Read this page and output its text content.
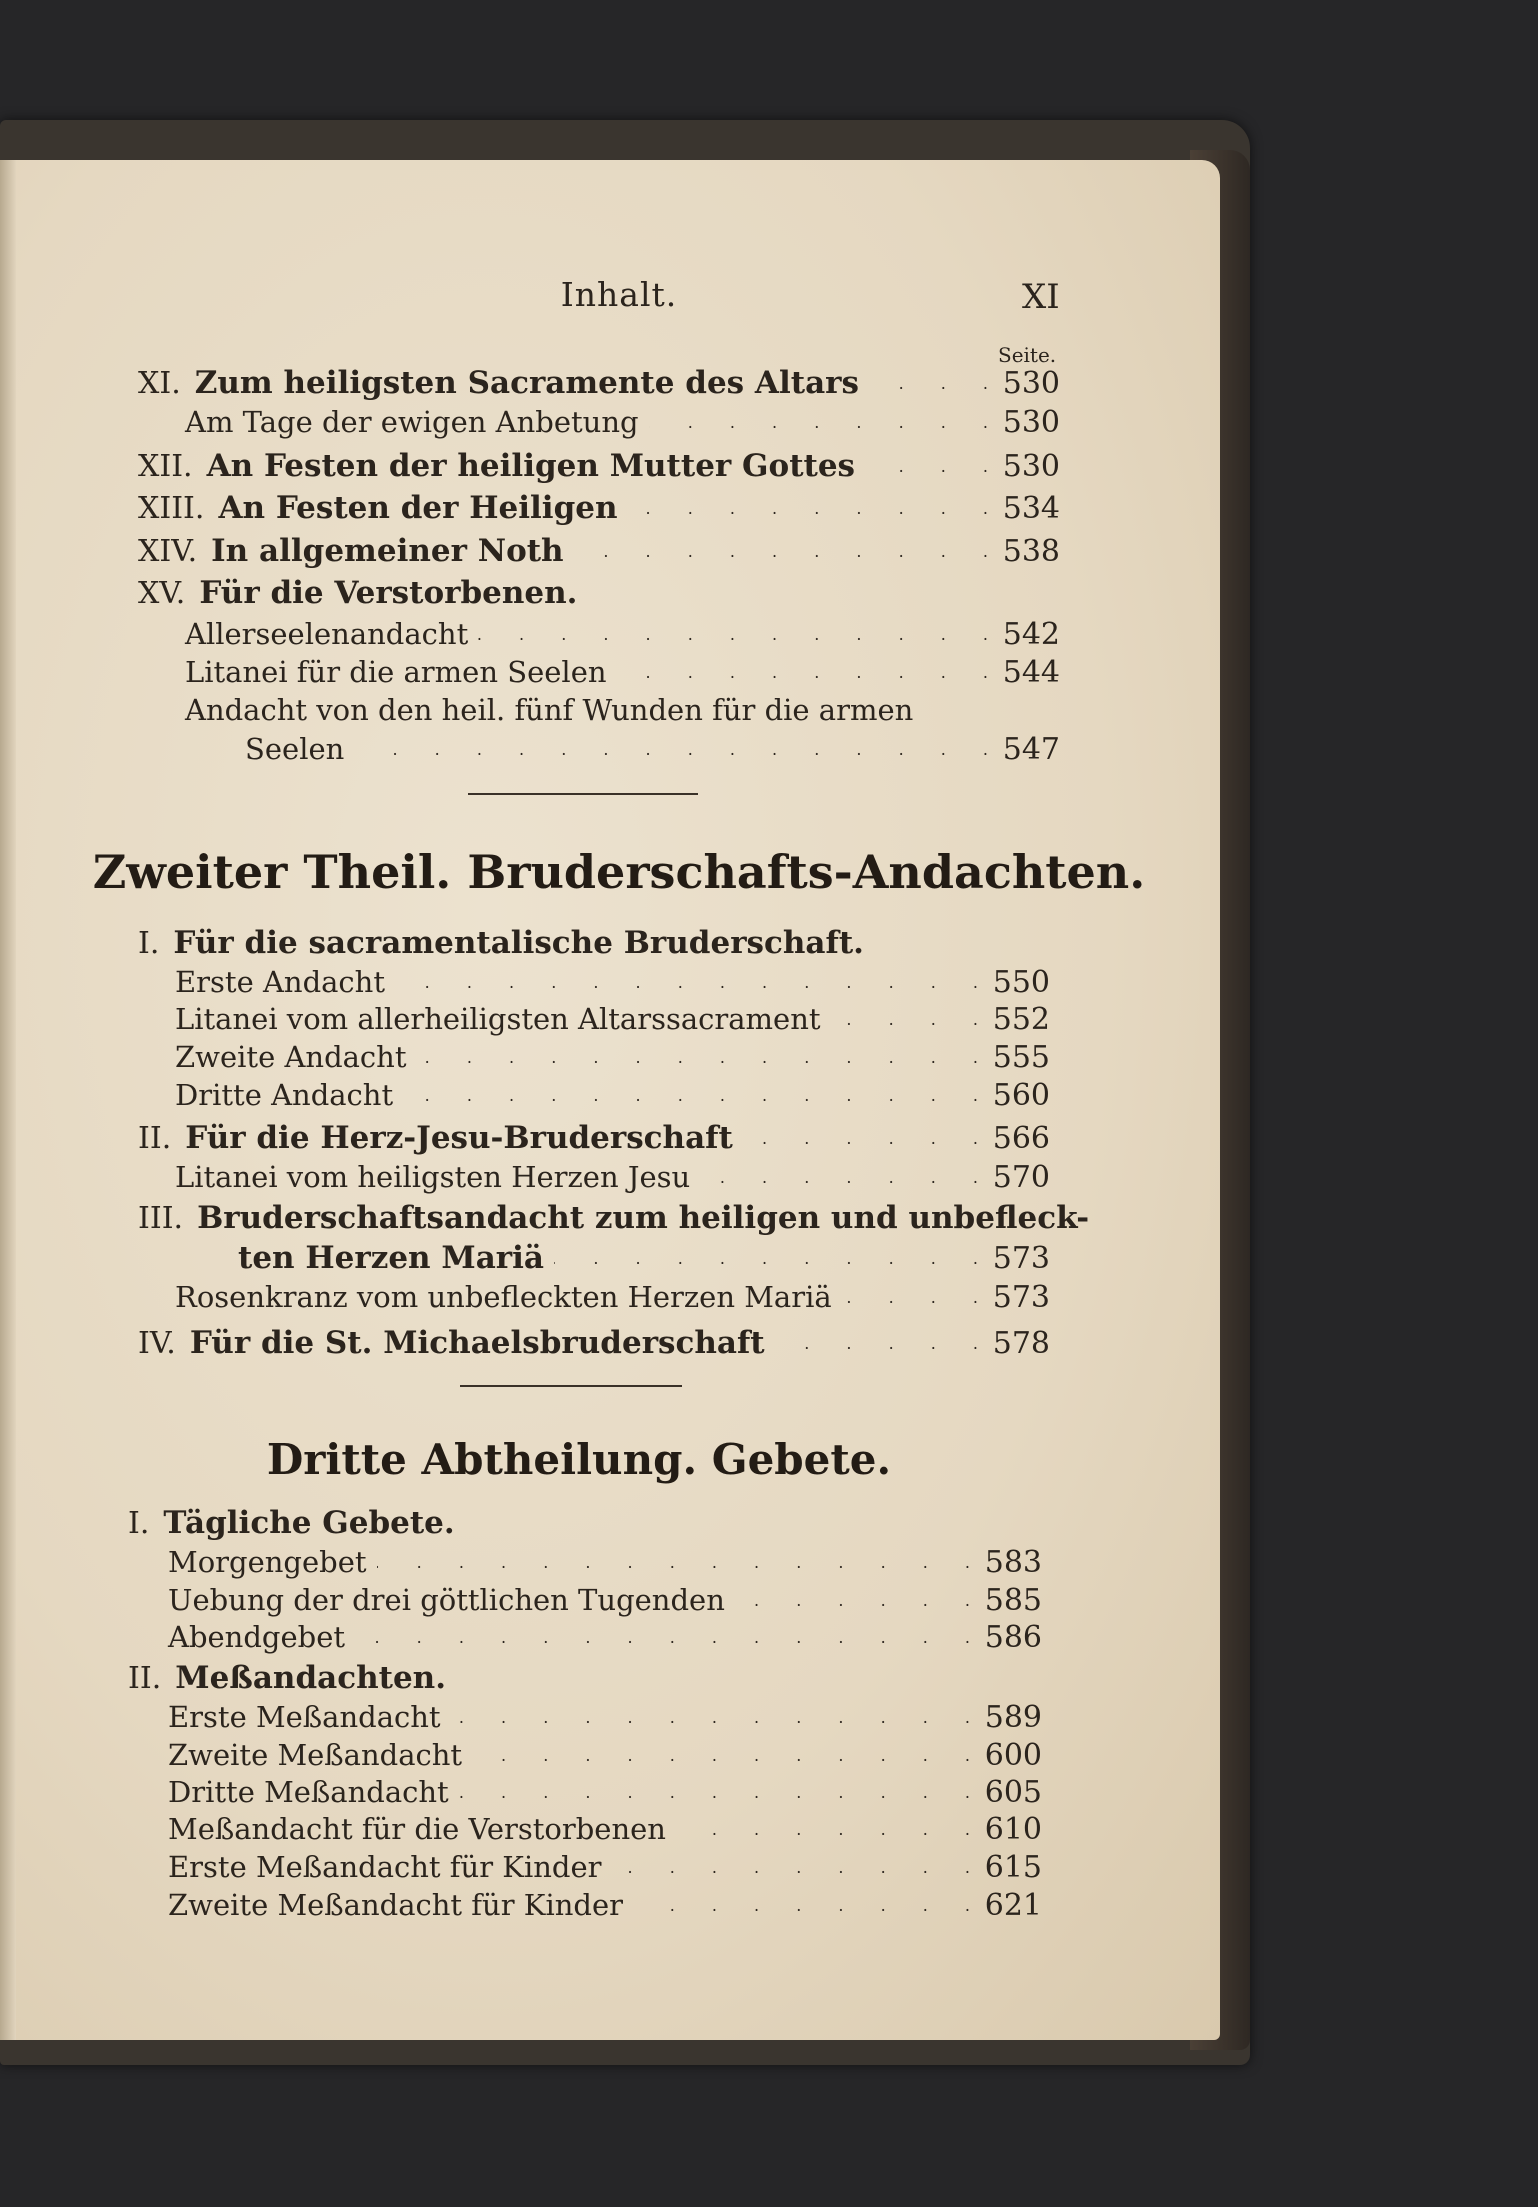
Inhalt.	XI
Seite.
XI. Zum heiligsten Sacramente des Altars . . .	530
Am Tage der ewigen Anbetung . . .	530
XII. An Festen der heiligen Mutter Gottes . . .	530
XIII. An Festen der Heiligen . . .	534
XIV. In allgemeiner Noth . . .	538
XV. Für die Verstorbenen.
Allerseelenandacht . . .	542
Litanei für die armen Seelen . . .	544
Andacht von den heil. fünf Wunden für die armen
Seelen . . .	547
Zweiter Theil. Bruderschafts-Andachten.
I. Für die sacramentalische Bruderschaft.
Erste Andacht . . .	550
Litanei vom allerheiligsten Altarssacrament . . .	552
Zweite Andacht . . .	555
Dritte Andacht . . .	560
II. Für die Herz-Jesu-Bruderschaft . . .	566
Litanei vom heiligsten Herzen Jesu . . .	570
III. Bruderschaftsandacht zum heiligen und unbefleck-
ten Herzen Mariä . . .	573
Rosenkranz vom unbefleckten Herzen Mariä . . .	573
IV. Für die St. Michaelsbruderschaft . . .	578
Dritte Abtheilung. Gebete.
I. Tägliche Gebete.
Morgengebet . . .	583
Uebung der drei göttlichen Tugenden . . .	585
Abendgebet . . .	586
II. Meßandachten.
Erste Meßandacht . . .	589
Zweite Meßandacht . . .	600
Dritte Meßandacht . . .	605
Meßandacht für die Verstorbenen . . .	610
Erste Meßandacht für Kinder . . .	615
Zweite Meßandacht für Kinder . . .	621
